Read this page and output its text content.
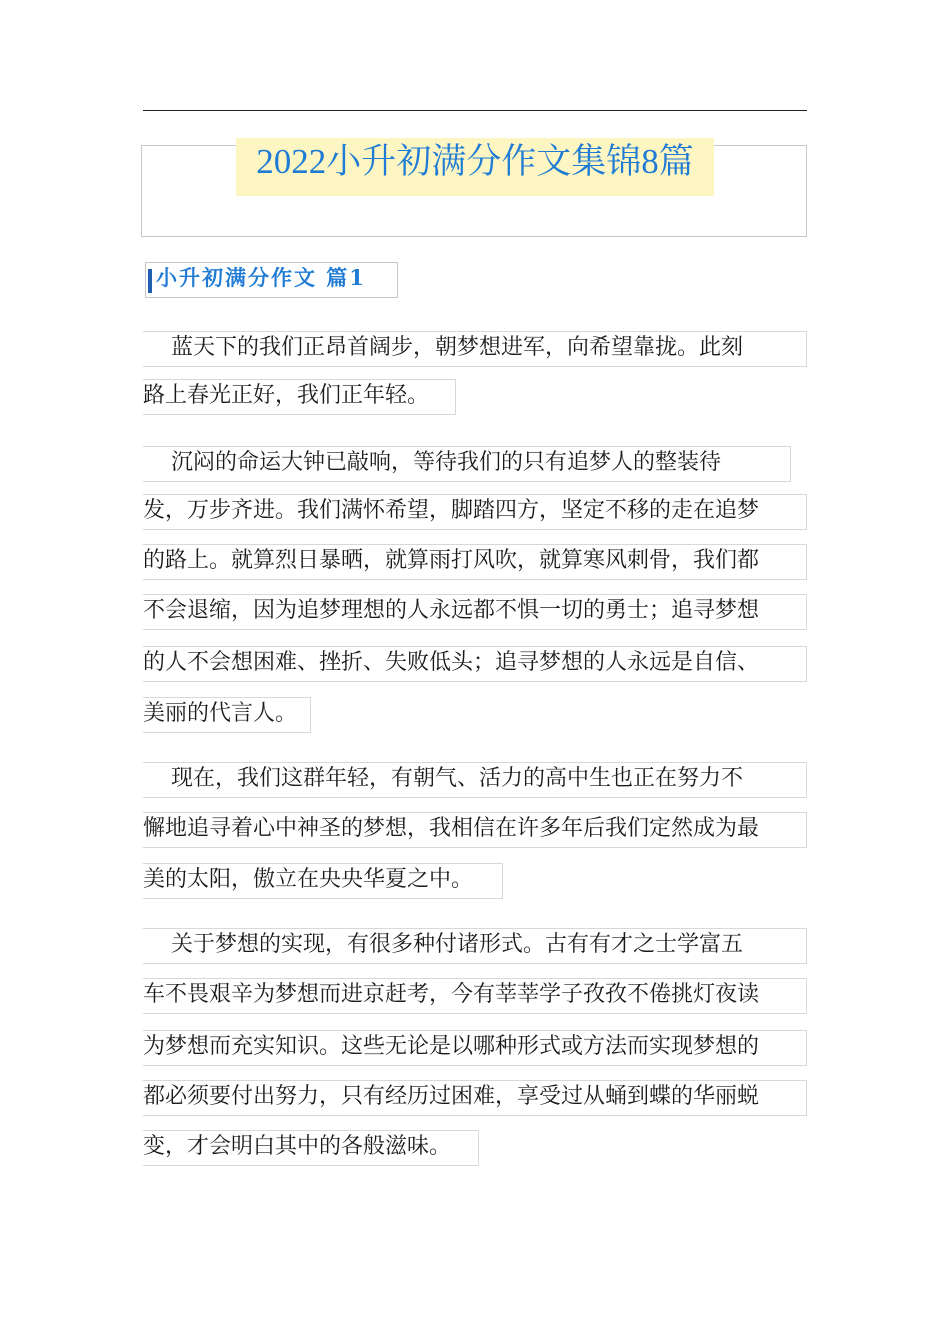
2022小升初满分作文集锦8篇
小升初满分作文 篇1
蓝天下的我们正昂首阔步，朝梦想进军，向希望靠拢。此刻
路上春光正好，我们正年轻。
沉闷的命运大钟已敲响，等待我们的只有追梦人的整装待
发，万步齐进。我们满怀希望，脚踏四方，坚定不移的走在追梦
的路上。就算烈日暴晒，就算雨打风吹，就算寒风刺骨，我们都
不会退缩，因为追梦理想的人永远都不惧一切的勇士；追寻梦想
的人不会想困难、挫折、失败低头；追寻梦想的人永远是自信、
美丽的代言人。
现在，我们这群年轻，有朝气、活力的高中生也正在努力不
懈地追寻着心中神圣的梦想，我相信在许多年后我们定然成为最
美的太阳，傲立在央央华夏之中。
关于梦想的实现，有很多种付诸形式。古有有才之士学富五
车不畏艰辛为梦想而进京赶考，今有莘莘学子孜孜不倦挑灯夜读
为梦想而充实知识。这些无论是以哪种形式或方法而实现梦想的
都必须要付出努力，只有经历过困难，享受过从蛹到蝶的华丽蜕
变，才会明白其中的各般滋味。
